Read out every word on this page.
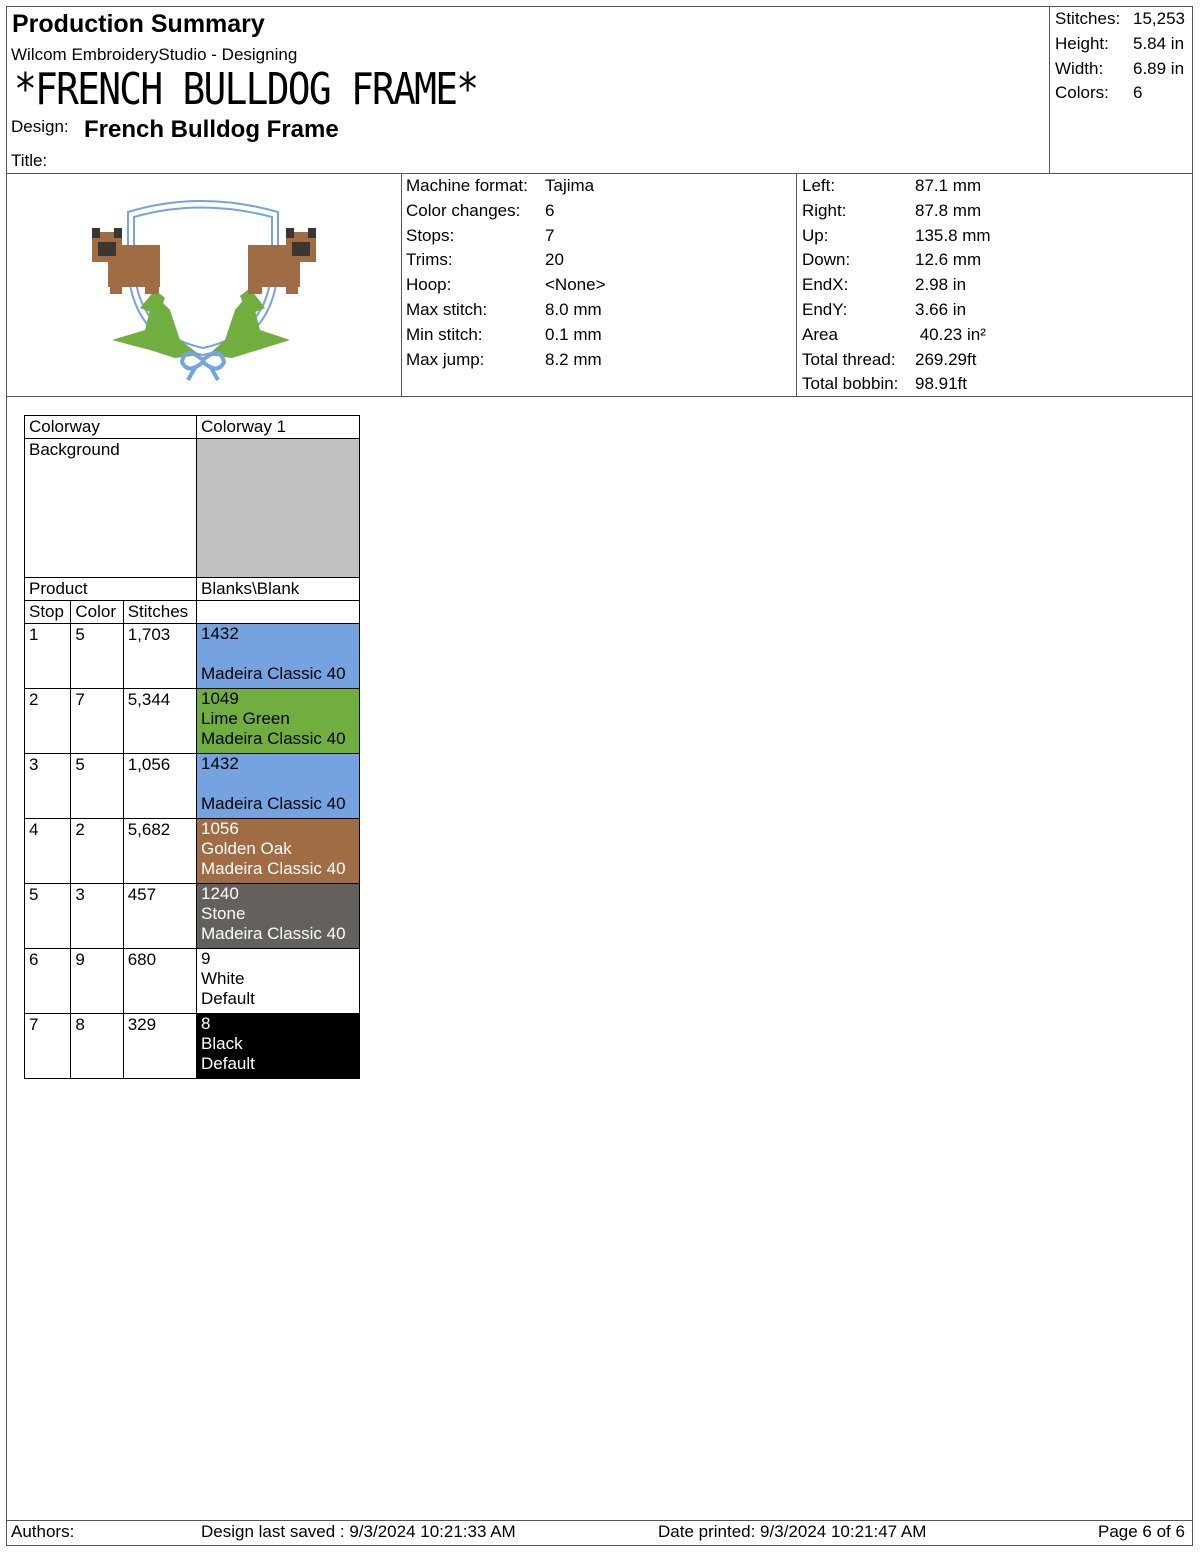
Production Summary
Wilcom EmbroideryStudio - Designing
*FRENCH BULLDOG FRAME*
Design: French Bulldog Frame
Title:
Stitches: 15,253
Height:	5.84 in
Width:	6.89 in
Colors:	6
Machine format:	Tajima
Color changes:	6
Stops:	7
Trims:	20
Hoop:	<None>
Max stitch:	8.0 mm
Min stitch:	0.1 mm
Max jump:	8.2 mm
Left:	87.1 mm
Right:	87.8 mm
Up:	135.8 mm
Down:	12.6 mm
EndX:	2.98 in
EndY:	3.66 in
Area	40.23 in²
Total thread:	269.29ft
Total bobbin: 98.91ft
Colorway			Colorway 1
Background			
Product			Blanks\Blank
Stop	Color	Stitches	
1	5	1,703	1432
Madeira Classic 40

2	7	5,344	1049
Lime Green
Madeira Classic 40

3	5	1,056	1432
Madeira Classic 40

4	2	5,682	1056
Golden Oak
Madeira Classic 40

5	3	457	1240
Stone
Madeira Classic 40

6	9	680	9
White
Default

7	8	329	8
Black
Default
Authors:	Design last saved : 9/3/2024 10:21:33 AM	Date printed: 9/3/2024 10:21:47 AM	Page 6 of 6
